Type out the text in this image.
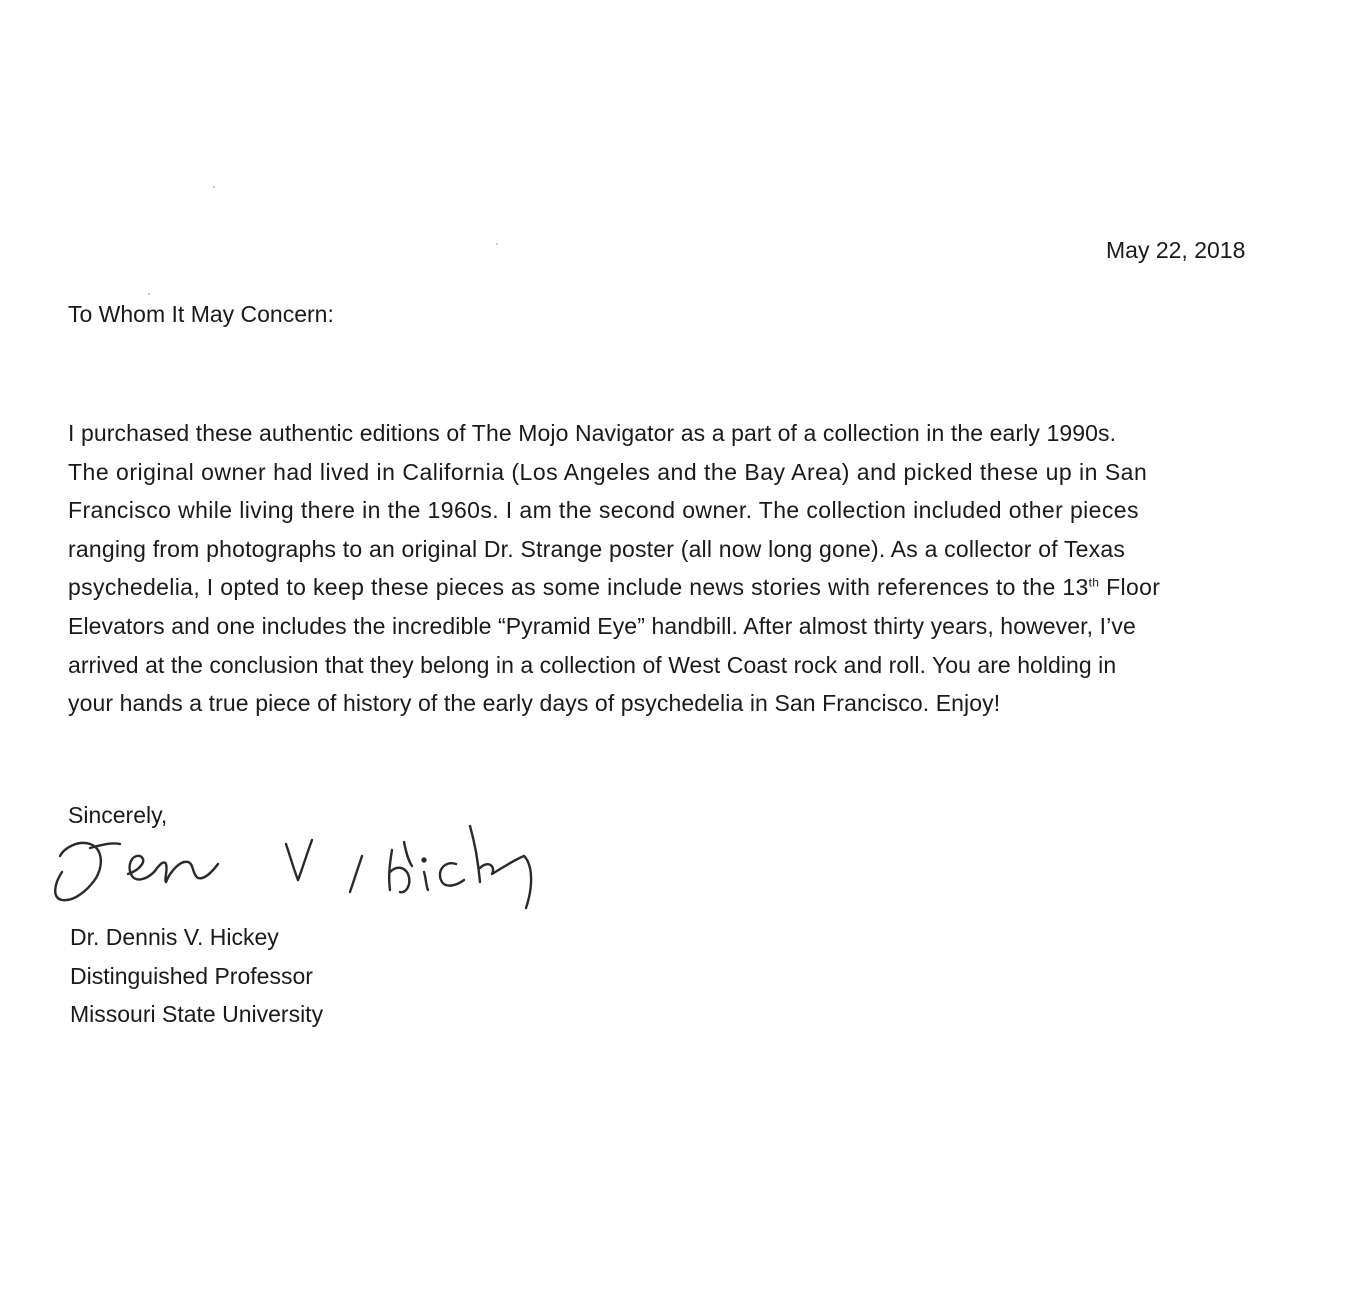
May 22, 2018
To Whom It May Concern:
I purchased these authentic editions of The Mojo Navigator as a part of a collection in the early 1990s.
The original owner had lived in California (Los Angeles and the Bay Area) and picked these up in San
Francisco while living there in the 1960s. I am the second owner. The collection included other pieces
ranging from photographs to an original Dr. Strange poster (all now long gone). As a collector of Texas
psychedelia, I opted to keep these pieces as some include news stories with references to the 13th Floor
Elevators and one includes the incredible “Pyramid Eye” handbill. After almost thirty years, however, I’ve
arrived at the conclusion that they belong in a collection of West Coast rock and roll. You are holding in
your hands a true piece of history of the early days of psychedelia in San Francisco. Enjoy!
Sincerely,
Dr. Dennis V. Hickey
Distinguished Professor
Missouri State University
